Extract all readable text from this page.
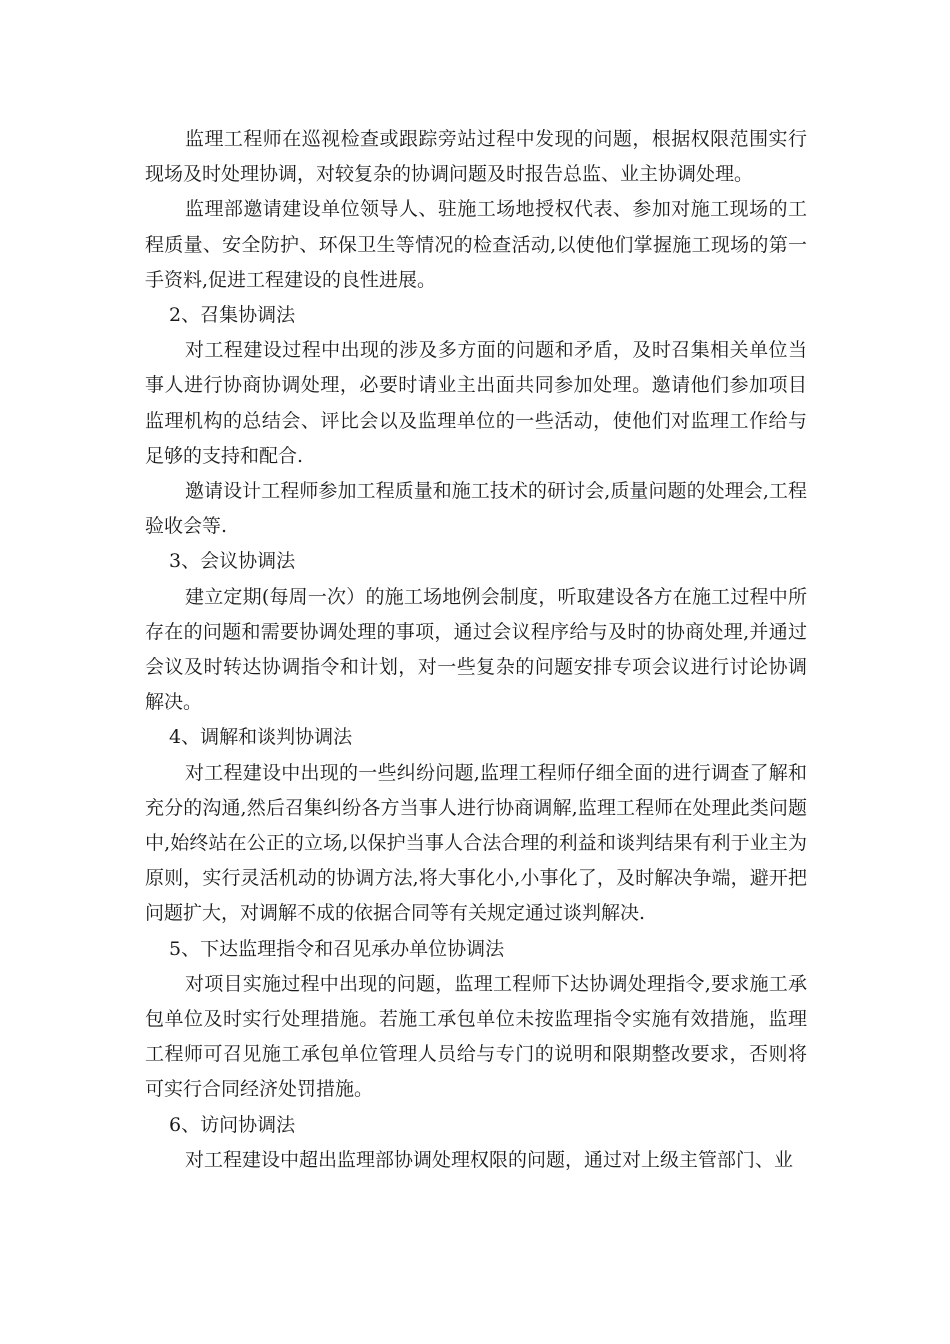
监理工程师在巡视检查或跟踪旁站过程中发现的问题，根据权限范围实行现场及时处理协调，对较复杂的协调问题及时报告总监、业主协调处理。

监理部邀请建设单位领导人、驻施工场地授权代表、参加对施工现场的工程质量、安全防护、环保卫生等情况的检查活动,以使他们掌握施工现场的第一手资料,促进工程建设的良性进展。

2、召集协调法

对工程建设过程中出现的涉及多方面的问题和矛盾，及时召集相关单位当事人进行协商协调处理，必要时请业主出面共同参加处理。邀请他们参加项目监理机构的总结会、评比会以及监理单位的一些活动，使他们对监理工作给与足够的支持和配合.

邀请设计工程师参加工程质量和施工技术的研讨会,质量问题的处理会,工程验收会等.

3、会议协调法

建立定期(每周一次）的施工场地例会制度，听取建设各方在施工过程中所存在的问题和需要协调处理的事项，通过会议程序给与及时的协商处理,并通过会议及时转达协调指令和计划，对一些复杂的问题安排专项会议进行讨论协调解决。

4、调解和谈判协调法

对工程建设中出现的一些纠纷问题,监理工程师仔细全面的进行调查了解和充分的沟通,然后召集纠纷各方当事人进行协商调解,监理工程师在处理此类问题中,始终站在公正的立场,以保护当事人合法合理的利益和谈判结果有利于业主为原则，实行灵活机动的协调方法,将大事化小,小事化了，及时解决争端，避开把问题扩大，对调解不成的依据合同等有关规定通过谈判解决.

5、下达监理指令和召见承办单位协调法

对项目实施过程中出现的问题，监理工程师下达协调处理指令,要求施工承包单位及时实行处理措施。若施工承包单位未按监理指令实施有效措施，监理工程师可召见施工承包单位管理人员给与专门的说明和限期整改要求，否则将可实行合同经济处罚措施。

6、访问协调法

对工程建设中超出监理部协调处理权限的问题，通过对上级主管部门、业
